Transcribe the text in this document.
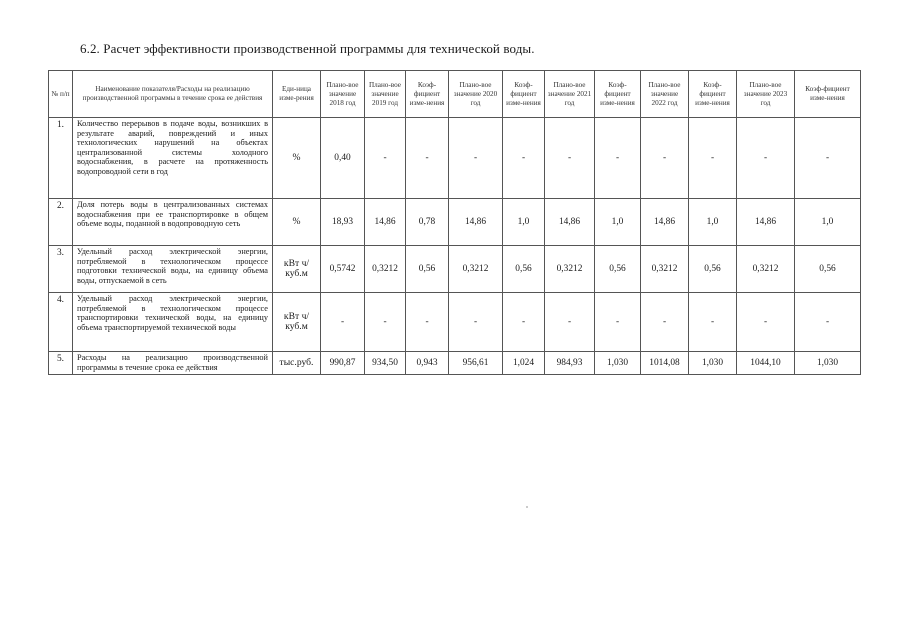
6.2. Расчет эффективности производственной программы для технической воды.
№ п/п	Наименование показателя/Расходы на реализацию производственной программы в течение срока ее действия	Еди-ница изме-рения	Плано-вое значение 2018 год	Плано-вое значение 2019 год	Коэф-фициент изме-нения	Плано-вое значение 2020 год	Коэф-фициент изме-нения	Плано-вое значение 2021 год	Коэф-фициент изме-нения	Плано-вое значение 2022 год	Коэф-фициент изме-нения	Плано-вое значение 2023 год	Коэф-фициент изме-нения
1.	Количество перерывов в подаче воды, возникших в результате аварий, повреждений и иных технологических нарушений на объектах централизованной системы холодного водоснабжения, в расчете на протяженность водопроводной сети в год	%	0,40	-	-	-	-	-	-	-	-	-	-
2.	Доля потерь воды в централизованных системах водоснабжения при ее транспортировке в общем объеме воды, поданной в водопроводную сеть	%	18,93	14,86	0,78	14,86	1,0	14,86	1,0	14,86	1,0	14,86	1,0
3.	Удельный расход электрической энергии, потребляемой в технологическом процессе подготовки технической воды, на единицу объема воды, отпускаемой в сеть	кВт ч/куб.м	0,5742	0,3212	0,56	0,3212	0,56	0,3212	0,56	0,3212	0,56	0,3212	0,56
4.	Удельный расход электрической энергии, потребляемой в технологическом процессе транспортировки технической воды, на единицу объема транспортируемой технической воды	кВт ч/куб.м	-	-	-	-	-	-	-	-	-	-	-
5.	Расходы на реализацию производственной программы в течение срока ее действия	тыс.руб.	990,87	934,50	0,943	956,61	1,024	984,93	1,030	1014,08	1,030	1044,10	1,030
